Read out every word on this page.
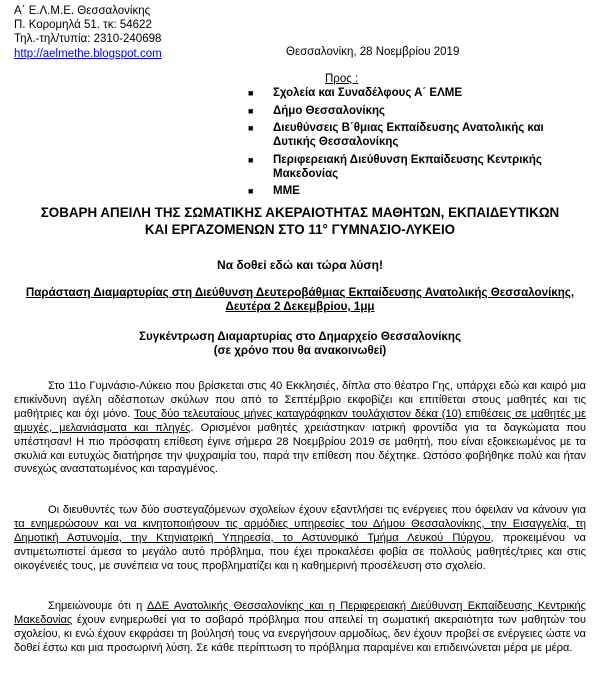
Α΄ Ε.Λ.Μ.Ε. Θεσσαλονίκης
Π. Κορομηλά 51. τκ: 54622
Τηλ.-τηλ/τυπία: 2310-240698
http://aelmethe.blogspot.com	Θεσσαλονίκη, 28 Νοεμβρίου 2019
Προς :
■ Σχολεία και Συναδέλφους Α΄ ΕΛΜΕ
■ Δήμο Θεσσαλονίκης
■ Διευθύνσεις Β΄θμιας Εκπαίδευσης Ανατολικής και Δυτικής Θεσσαλονίκης
■ Περιφερειακή Διεύθυνση Εκπαίδευσης Κεντρικής Μακεδονίας
■ ΜΜΕ
ΣΟΒΑΡΗ ΑΠΕΙΛΗ ΤΗΣ ΣΩΜΑΤΙΚΗΣ ΑΚΕΡΑΙΟΤΗΤΑΣ ΜΑΘΗΤΩΝ, ΕΚΠΑΙΔΕΥΤΙΚΩΝ ΚΑΙ ΕΡΓΑΖΟΜΕΝΩΝ ΣΤΟ 11° ΓΥΜΝΑΣΙΟ-ΛΥΚΕΙΟ
Να δοθεί εδώ και τώρα λύση!
Παράσταση Διαμαρτυρίας στη Διεύθυνση Δευτεροβάθμιας Εκπαίδευσης Ανατολικής Θεσσαλονίκης, Δευτέρα 2 Δεκεμβρίου, 1μμ
Συγκέντρωση Διαμαρτυρίας στο Δημαρχείο Θεσσαλονίκης
(σε χρόνο που θα ανακοινωθεί)
Στο 11ο Γυμνάσιο-Λύκειο που βρίσκεται στις 40 Εκκλησιές, δίπλα στο θέατρο Γης, υπάρχει εδώ και καιρό μια επικίνδυνη αγέλη αδέσποτων σκύλων που από το Σεπτέμβριο εκφοβίζει και επιτίθεται στους μαθητές και τις μαθήτριες και όχι μόνο. Τους δύο τελευταίους μήνες καταγράφηκαν τουλάχιστον δέκα (10) επιθέσεις σε μαθητές με αμυχές, μελανιάσματα και πληγές. Ορισμένοι μαθητές χρειάστηκαν ιατρική φροντίδα για τα δαγκώματα που υπέστησαν! Η πιο πρόσφατη επίθεση έγινε σήμερα 28 Νοεμβρίου 2019 σε μαθητή, που είναι εξοικειωμένος με τα σκυλιά και ευτυχώς διατήρησε την ψυχραιμία του, παρά την επίθεση που δέχτηκε. Ωστόσο φοβήθηκε πολύ και ήταν συνεχώς αναστατωμένος και ταραγμένος.
Οι διευθυντές των δύο συστεγαζόμενων σχολείων έχουν εξαντλήσει τις ενέργειες που όφειλαν να κάνουν για τα ενημερώσουν και να κινητοποιήσουν τις αρμόδιες υπηρεσίες του Δήμου Θεσσαλονίκης, την Εισαγγελία, τη Δημοτική Αστυνομία, την Κτηνιατρική Υπηρεσία, το Αστυνομικό Τμήμα Λευκού Πύργου, προκειμένου να αντιμετωπιστεί άμεσα το μεγάλο αυτό πρόβλημα, που έχει προκαλέσει φοβία σε πολλούς μαθητές/τριες και στις οικογένειές τους, με συνέπεια να τους προβληματίζει και η καθημερινή προσέλευση στο σχολείο.
Σημειώνουμε ότι η ΔΔΕ Ανατολικής Θεσσαλονίκης και η Περιφερειακή Διεύθυνση Εκπαίδευσης Κεντρικής Μακεδονίας έχουν ενημερωθεί για το σοβαρό πρόβλημα που απειλεί τη σωματική ακεραιότητα των μαθητών του σχολείου, κι ενώ έχουν εκφράσει τη βούλησή τους να ενεργήσουν αρμοδίως, δεν έχουν προβεί σε ενέργειες ώστε να δοθεί έστω και μια προσωρινή λύση. Σε κάθε περίπτωση το πρόβλημα παραμένει και επιδεινώνεται μέρα με μέρα.
